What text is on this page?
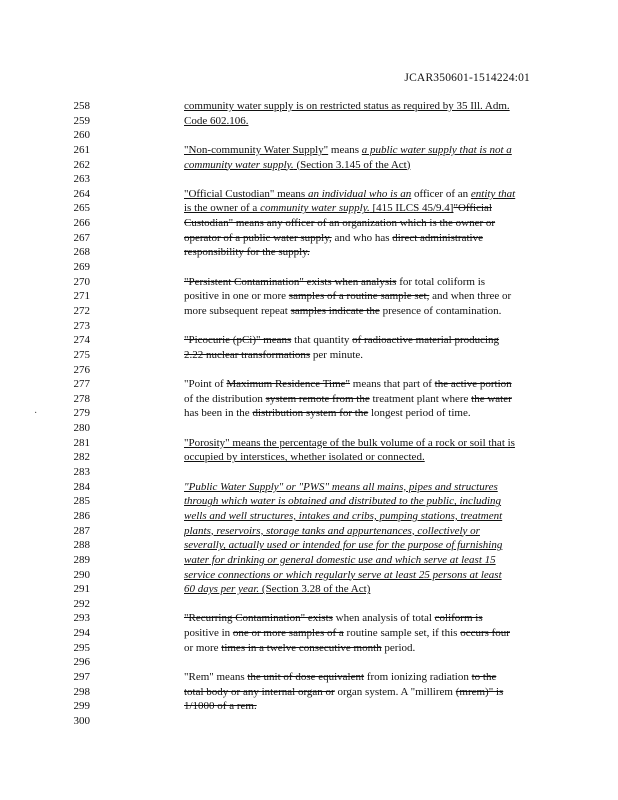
JCAR350601-1514224:01
·
258
259
260
261
262
263
264
265
266
267
268
269
270
271
272
273
274
275
276
277
278
279
280
281
282
283
284
285
286
287
288
289
290
291
292
293
294
295
296
297
298
299
300
community water supply is on restricted status as required by 35 Ill. Adm.
Code 602.106.

"Non-community Water Supply" means a public water supply that is not a
community water supply. (Section 3.145 of the Act)

"Official Custodian" means an individual who is an officer of an entity that
is the owner of a community water supply. [415 ILCS 45/9.4]"Official
Custodian" means any officer of an organization which is the owner or
operator of a public water supply, and who has direct administrative
responsibility for the supply.

"Persistent Contamination" exists when analysis for total coliform is
positive in one or more samples of a routine sample set, and when three or
more subsequent repeat samples indicate the presence of contamination.

"Picocurie (pCi)" means that quantity of radioactive material producing
2.22 nuclear transformations per minute.

"Point of Maximum Residence Time" means that part of the active portion
of the distribution system remote from the treatment plant where the water
has been in the distribution system for the longest period of time.

"Porosity" means the percentage of the bulk volume of a rock or soil that is
occupied by interstices, whether isolated or connected.

"Public Water Supply" or "PWS" means all mains, pipes and structures
through which water is obtained and distributed to the public, including
wells and well structures, intakes and cribs, pumping stations, treatment
plants, reservoirs, storage tanks and appurtenances, collectively or
severally, actually used or intended for use for the purpose of furnishing
water for drinking or general domestic use and which serve at least 15
service connections or which regularly serve at least 25 persons at least
60 days per year. (Section 3.28 of the Act)

"Recurring Contamination" exists when analysis of total coliform is
positive in one or more samples of a routine sample set, if this occurs four
or more times in a twelve consecutive month period.

"Rem" means the unit of dose equivalent from ionizing radiation to the
total body or any internal organ or organ system. A "millirem (mrem)" is
1/1000 of a rem.
